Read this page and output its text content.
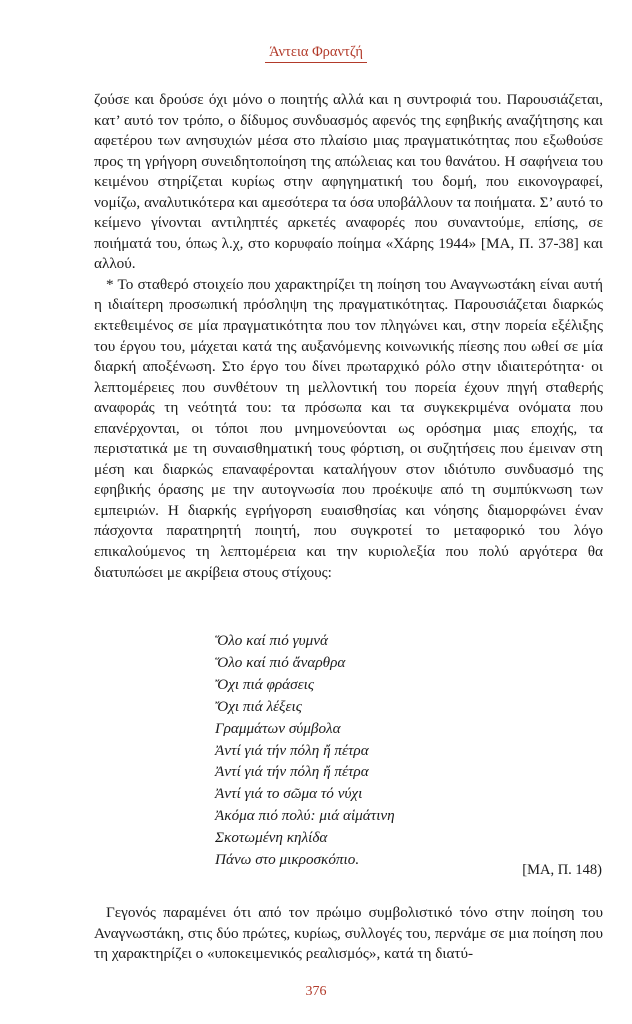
Άντεια Φραντζή

ζούσε και δρούσε όχι μόνο ο ποιητής αλλά και η συντροφιά του. Παρουσιάζεται, κατ’ αυτό τον τρόπο, ο δίδυμος συνδυασμός αφενός της εφηβικής αναζήτησης και αφετέρου των ανησυχιών μέσα στο πλαίσιο μιας πραγματικότητας που εξωθούσε προς τη γρήγορη συνειδητοποίηση της απώλειας και του θανάτου. Η σαφήνεια του κειμένου στηρίζεται κυρίως στην αφηγηματική του δομή, που εικονογραφεί, νομίζω, αναλυτικότερα και αμεσότερα τα όσα υποβάλλουν τα ποιήματα. Σ’ αυτό το κείμενο γίνονται αντιληπτές αρκετές αναφορές που συναντούμε, επίσης, σε ποιήματά του, όπως λ.χ, στο κορυφαίο ποίημα «Χάρης 1944» [ΜΑ, Π. 37-38] και αλλού.

* Το σταθερό στοιχείο που χαρακτηρίζει τη ποίηση του Αναγνωστάκη είναι αυτή η ιδιαίτερη προσωπική πρόσληψη της πραγματικότητας. Παρουσιάζεται διαρκώς εκτεθειμένος σε μία πραγματικότητα που τον πληγώνει και, στην πορεία εξέλιξης του έργου του, μάχεται κατά της αυξανόμενης κοινωνικής πίεσης που ωθεί σε μία διαρκή αποξένωση. Στο έργο του δίνει πρωταρχικό ρόλο στην ιδιαιτερότητα· οι λεπτομέρειες που συνθέτουν τη μελλοντική του πορεία έχουν πηγή σταθερής αναφοράς τη νεότητά του: τα πρόσωπα και τα συγκεκριμένα ονόματα που επανέρχονται, οι τόποι που μνημονεύονται ως ορόσημα μιας εποχής, τα περιστατικά με τη συναισθηματική τους φόρτιση, οι συζητήσεις που έμειναν στη μέση και διαρκώς επαναφέρονται καταλήγουν στον ιδιότυπο συνδυασμό της εφηβικής όρασης με την αυτογνωσία που προέκυψε από τη συμπύκνωση των εμπειριών. Η διαρκής εγρήγορση ευαισθησίας και νόησης διαμορφώνει έναν πάσχοντα παρατηρητή ποιητή, που συγκροτεί το μεταφορικό του λόγο επικαλούμενος τη λεπτομέρεια και την κυριολεξία που πολύ αργότερα θα διατυπώσει με ακρίβεια στους στίχους:

Ὅλο καί πιό γυμνά
Ὅλο καί πιό ἄναρθρα
Ὄχι πιά φράσεις
Ὄχι πιά λέξεις
Γραμμάτων σύμβολα
Ἀντί γιά τήν πόλη ἤ πέτρα
Ἀντί γιά τήν πόλη ἤ πέτρα
Ἀντί γιά το σῶμα τό νύχι
Ἀκόμα πιό πολύ: μιά αἱμάτινη
Σκοτωμένη κηλίδα
Πάνω στο μικροσκόπιο.
[ΜΑ, Π. 148)

Γεγονός παραμένει ότι από τον πρώιμο συμβολιστικό τόνο στην ποίηση του Αναγνωστάκη, στις δύο πρώτες, κυρίως, συλλογές του, περνάμε σε μια ποίηση που τη χαρακτηρίζει ο «υποκειμενικός ρεαλισμός», κατά τη διατύ-

376
